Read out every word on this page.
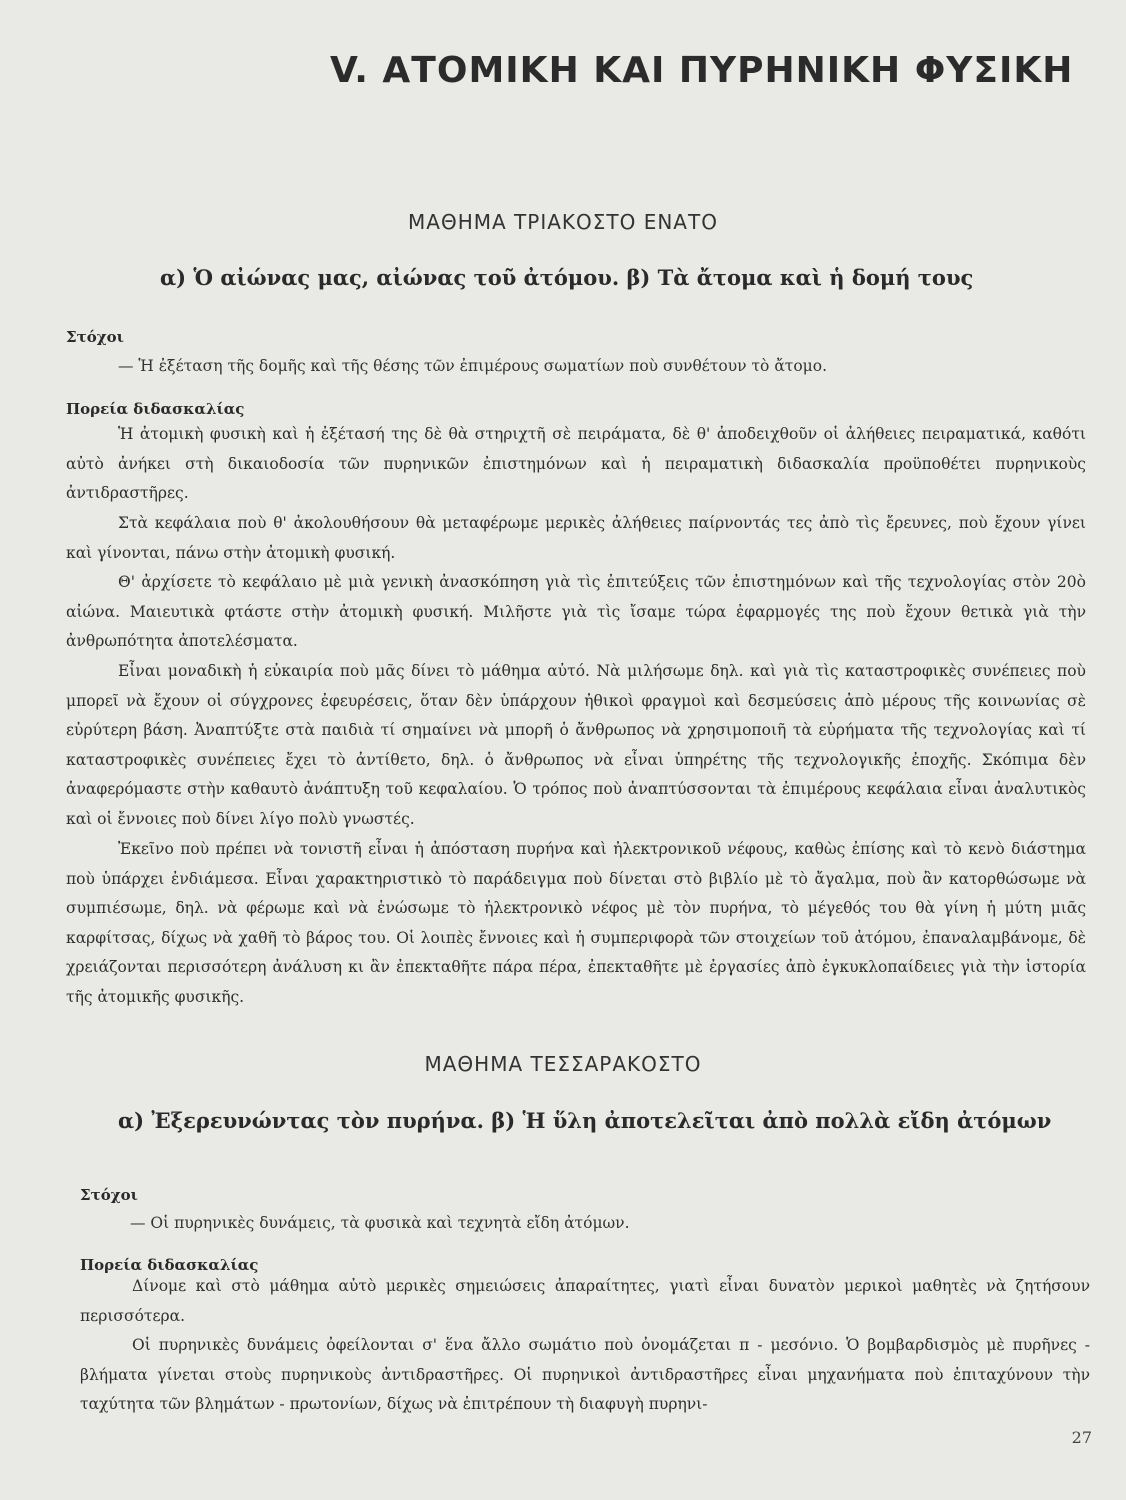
V. ΑΤΟΜΙΚΗ ΚΑΙ ΠΥΡΗΝΙΚΗ ΦΥΣΙΚΗ
ΜΑΘΗΜΑ ΤΡΙΑΚΟΣΤΟ ΕΝΑΤΟ
α) Ὁ αἰώνας μας, αἰώνας τοῦ ἀτόμου. β) Τὰ ἄτομα καὶ ἡ δομή τους
Στόχοι
— Ἡ ἐξέταση τῆς δομῆς καὶ τῆς θέσης τῶν ἐπιμέρους σωματίων ποὺ συνθέτουν τὸ ἄτομο.
Πορεία διδασκαλίας

Ἡ ἀτομικὴ φυσικὴ καὶ ἡ ἐξέτασή της δὲ θὰ στηριχτῆ σὲ πειράματα, δὲ θ' ἀποδειχθοῦν οἱ ἀλήθειες πειραματικά, καθότι αὐτὸ ἀνήκει στὴ δικαιοδοσία τῶν πυρηνικῶν ἐπιστημόνων καὶ ἡ πειραματικὴ διδασκαλία προϋποθέτει πυρηνικοὺς ἀντιδραστῆρες.

Στὰ κεφάλαια ποὺ θ' ἀκολουθήσουν θὰ μεταφέρωμε μερικὲς ἀλήθειες παίρνοντάς τες ἀπὸ τὶς ἔρευνες, ποὺ ἔχουν γίνει καὶ γίνονται, πάνω στὴν ἀτομικὴ φυσική.

Θ' ἀρχίσετε τὸ κεφάλαιο μὲ μιὰ γενικὴ ἀνασκόπηση γιὰ τὶς ἐπιτεύξεις τῶν ἐπιστημόνων καὶ τῆς τεχνολογίας στὸν 20ὸ αἰώνα. Μαιευτικὰ φτάστε στὴν ἀτομικὴ φυσική. Μιλῆστε γιὰ τὶς ἴσαμε τώρα ἐφαρμογές της ποὺ ἔχουν θετικὰ γιὰ τὴν ἀνθρωπότητα ἀποτελέσματα.

Εἶναι μοναδικὴ ἡ εὐκαιρία ποὺ μᾶς δίνει τὸ μάθημα αὐτό. Νὰ μιλήσωμε δηλ. καὶ γιὰ τὶς καταστροφικὲς συνέπειες ποὺ μπορεῖ νὰ ἔχουν οἱ σύγχρονες ἐφευρέσεις, ὅταν δὲν ὑπάρχουν ἠθικοὶ φραγμοὶ καὶ δεσμεύσεις ἀπὸ μέρους τῆς κοινωνίας σὲ εὐρύτερη βάση. Ἀναπτύξτε στὰ παιδιὰ τί σημαίνει νὰ μπορῆ ὁ ἄνθρωπος νὰ χρησιμοποιῆ τὰ εὑρήματα τῆς τεχνολογίας καὶ τί καταστροφικὲς συνέπειες ἔχει τὸ ἀντίθετο, δηλ. ὁ ἄνθρωπος νὰ εἶναι ὑπηρέτης τῆς τεχνολογικῆς ἐποχῆς. Σκόπιμα δὲν ἀναφερόμαστε στὴν καθαυτὸ ἀνάπτυξη τοῦ κεφαλαίου. Ὁ τρόπος ποὺ ἀναπτύσσονται τὰ ἐπιμέρους κεφάλαια εἶναι ἀναλυτικὸς καὶ οἱ ἔννοιες ποὺ δίνει λίγο πολὺ γνωστές.

Ἐκεῖνο ποὺ πρέπει νὰ τονιστῆ εἶναι ἡ ἀπόσταση πυρήνα καὶ ἠλεκτρονικοῦ νέφους, καθὼς ἐπίσης καὶ τὸ κενὸ διάστημα ποὺ ὑπάρχει ἐνδιάμεσα. Εἶναι χαρακτηριστικὸ τὸ παράδειγμα ποὺ δίνεται στὸ βιβλίο μὲ τὸ ἄγαλμα, ποὺ ἂν κατορθώσωμε νὰ συμπιέσωμε, δηλ. νὰ φέρωμε καὶ νὰ ἑνώσωμε τὸ ἠλεκτρονικὸ νέφος μὲ τὸν πυρήνα, τὸ μέγεθός του θὰ γίνη ἡ μύτη μιᾶς καρφίτσας, δίχως νὰ χαθῆ τὸ βάρος του. Οἱ λοιπὲς ἔννοιες καὶ ἡ συμπεριφορὰ τῶν στοιχείων τοῦ ἀτόμου, ἐπαναλαμβάνομε, δὲ χρειάζονται περισσότερη ἀνάλυση κι ἂν ἐπεκταθῆτε πάρα πέρα, ἐπεκταθῆτε μὲ ἐργασίες ἀπὸ ἐγκυκλοπαίδειες γιὰ τὴν ἱστορία τῆς ἀτομικῆς φυσικῆς.

ΜΑΘΗΜΑ ΤΕΣΣΑΡΑΚΟΣΤΟ
α) Ἐξερευνώντας τὸν πυρήνα. β) Ἡ ὕλη ἀποτελεῖται ἀπὸ πολλὰ εἴδη ἀτόμων
Στόχοι
— Οἱ πυρηνικὲς δυνάμεις, τὰ φυσικὰ καὶ τεχνητὰ εἴδη ἀτόμων.
Πορεία διδασκαλίας

Δίνομε καὶ στὸ μάθημα αὐτὸ μερικὲς σημειώσεις ἀπαραίτητες, γιατὶ εἶναι δυνατὸν μερικοὶ μαθητὲς νὰ ζητήσουν περισσότερα.

Οἱ πυρηνικὲς δυνάμεις ὀφείλονται σ' ἕνα ἄλλο σωμάτιο ποὺ ὀνομάζεται π - μεσόνιο. Ὁ βομβαρδισμὸς μὲ πυρῆνες - βλήματα γίνεται στοὺς πυρηνικοὺς ἀντιδραστῆρες. Οἱ πυρηνικοὶ ἀντιδραστῆρες εἶναι μηχανήματα ποὺ ἐπιταχύνουν τὴν ταχύτητα τῶν βλημάτων - πρωτονίων, δίχως νὰ ἐπιτρέπουν τὴ διαφυγὴ πυρηνι-

27
